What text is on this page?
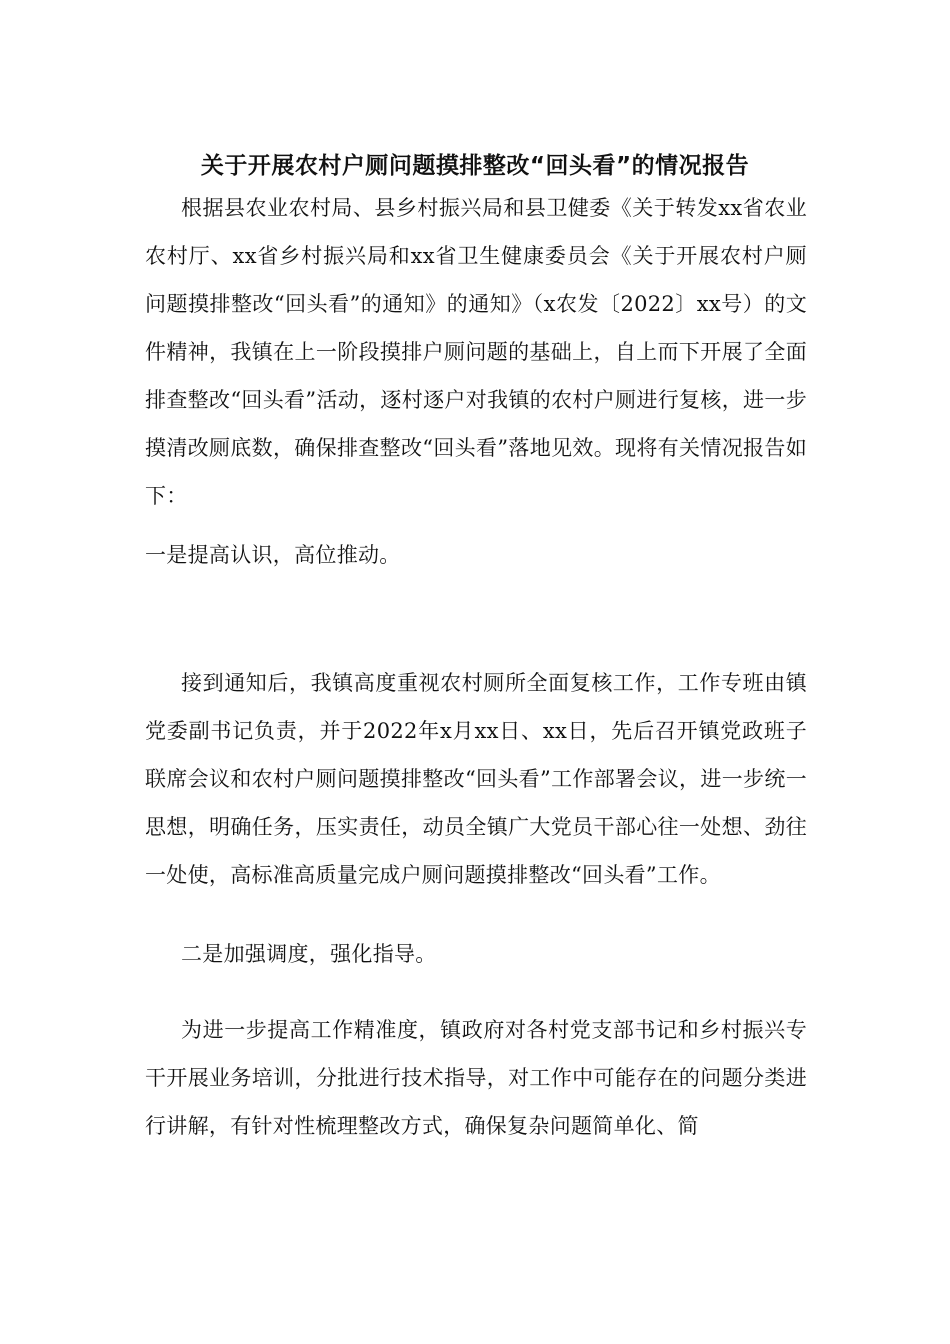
关于开展农村户厕问题摸排整改“回头看”的情况报告

根据县农业农村局、县乡村振兴局和县卫健委《关于转发xx省农业农村厅、xx省乡村振兴局和xx省卫生健康委员会《关于开展农村户厕问题摸排整改“回头看”的通知》的通知》（x农发〔2022〕xx号）的文件精神，我镇在上一阶段摸排户厕问题的基础上，自上而下开展了全面排查整改“回头看”活动，逐村逐户对我镇的农村户厕进行复核，进一步摸清改厕底数，确保排查整改“回头看”落地见效。现将有关情况报告如下：

一是提高认识，高位推动。

接到通知后，我镇高度重视农村厕所全面复核工作，工作专班由镇党委副书记负责，并于2022年x月xx日、xx日，先后召开镇党政班子联席会议和农村户厕问题摸排整改“回头看”工作部署会议，进一步统一思想，明确任务，压实责任，动员全镇广大党员干部心往一处想、劲往一处使，高标准高质量完成户厕问题摸排整改“回头看”工作。

二是加强调度，强化指导。

为进一步提高工作精准度，镇政府对各村党支部书记和乡村振兴专干开展业务培训，分批进行技术指导，对工作中可能存在的问题分类进行讲解，有针对性梳理整改方式，确保复杂问题简单化、简
